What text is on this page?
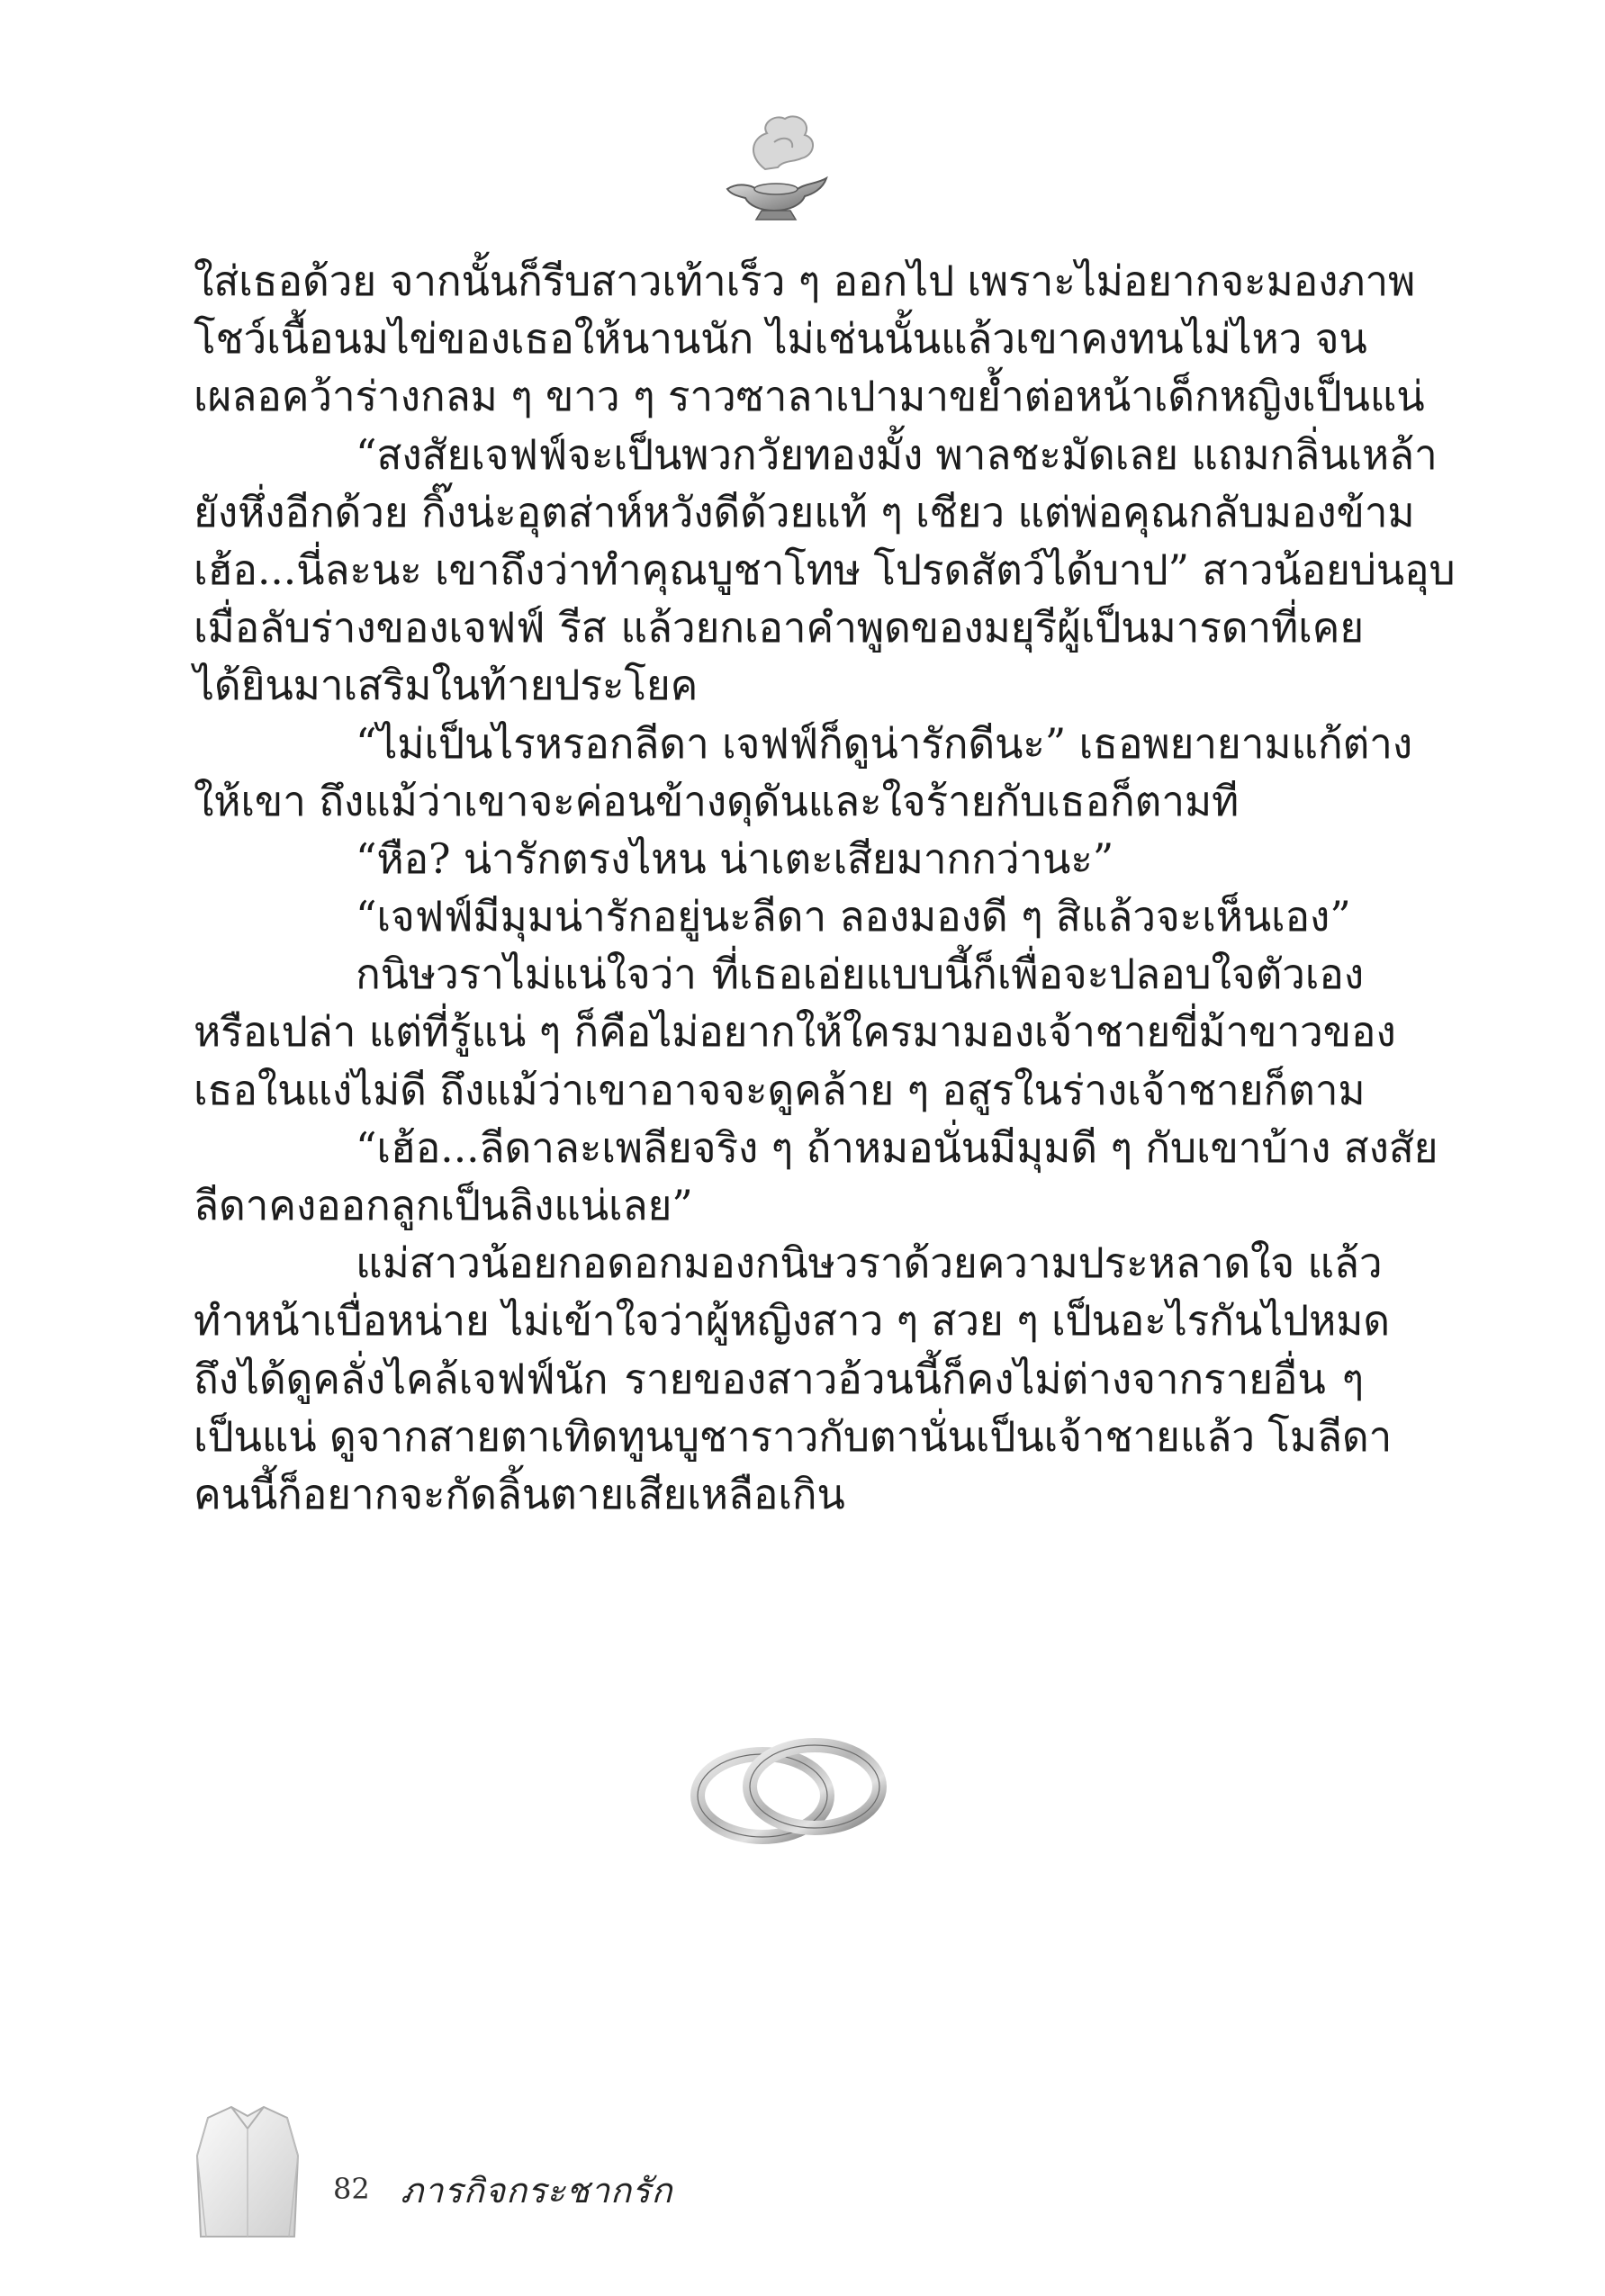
ใส่เธอด้วย จากนั้นก็รีบสาวเท้าเร็ว ๆ ออกไป เพราะไม่อยากจะมองภาพ
โชว์เนื้อนมไข่ของเธอให้นานนัก ไม่เช่นนั้นแล้วเขาคงทนไม่ไหว จน
เผลอคว้าร่างกลม ๆ ขาว ๆ ราวซาลาเปามาขย้ำต่อหน้าเด็กหญิงเป็นแน่
“สงสัยเจฟฟ์จะเป็นพวกวัยทองมั้ง พาลชะมัดเลย แถมกลิ่นเหล้า
ยังหึ่งอีกด้วย กิ๊งน่ะอุตส่าห์หวังดีด้วยแท้ ๆ เชียว แต่พ่อคุณกลับมองข้าม
เฮ้อ...นี่ละนะ เขาถึงว่าทำคุณบูชาโทษ โปรดสัตว์ได้บาป” สาวน้อยบ่นอุบ
เมื่อลับร่างของเจฟฟ์ รีส แล้วยกเอาคำพูดของมยุรีผู้เป็นมารดาที่เคย
ได้ยินมาเสริมในท้ายประโยค
“ไม่เป็นไรหรอกลีดา เจฟฟ์ก็ดูน่ารักดีนะ” เธอพยายามแก้ต่าง
ให้เขา ถึงแม้ว่าเขาจะค่อนข้างดุดันและใจร้ายกับเธอก็ตามที
“หือ? น่ารักตรงไหน น่าเตะเสียมากกว่านะ”
“เจฟฟ์มีมุมน่ารักอยู่นะลีดา ลองมองดี ๆ สิแล้วจะเห็นเอง”
กนิษวราไม่แน่ใจว่า ที่เธอเอ่ยแบบนี้ก็เพื่อจะปลอบใจตัวเอง
หรือเปล่า แต่ที่รู้แน่ ๆ ก็คือไม่อยากให้ใครมามองเจ้าชายขี่ม้าขาวของ
เธอในแง่ไม่ดี ถึงแม้ว่าเขาอาจจะดูคล้าย ๆ อสูรในร่างเจ้าชายก็ตาม
“เฮ้อ...ลีดาละเพลียจริง ๆ ถ้าหมอนั่นมีมุมดี ๆ กับเขาบ้าง สงสัย
ลีดาคงออกลูกเป็นลิงแน่เลย”
แม่สาวน้อยกอดอกมองกนิษวราด้วยความประหลาดใจ แล้ว
ทำหน้าเบื่อหน่าย ไม่เข้าใจว่าผู้หญิงสาว ๆ สวย ๆ เป็นอะไรกันไปหมด
ถึงได้ดูคลั่งไคล้เจฟฟ์นัก รายของสาวอ้วนนี้ก็คงไม่ต่างจากรายอื่น ๆ
เป็นแน่ ดูจากสายตาเทิดทูนบูชาราวกับตานั่นเป็นเจ้าชายแล้ว โมลีดา
คนนี้ก็อยากจะกัดลิ้นตายเสียเหลือเกิน
82 ภารกิจกระชากรัก
